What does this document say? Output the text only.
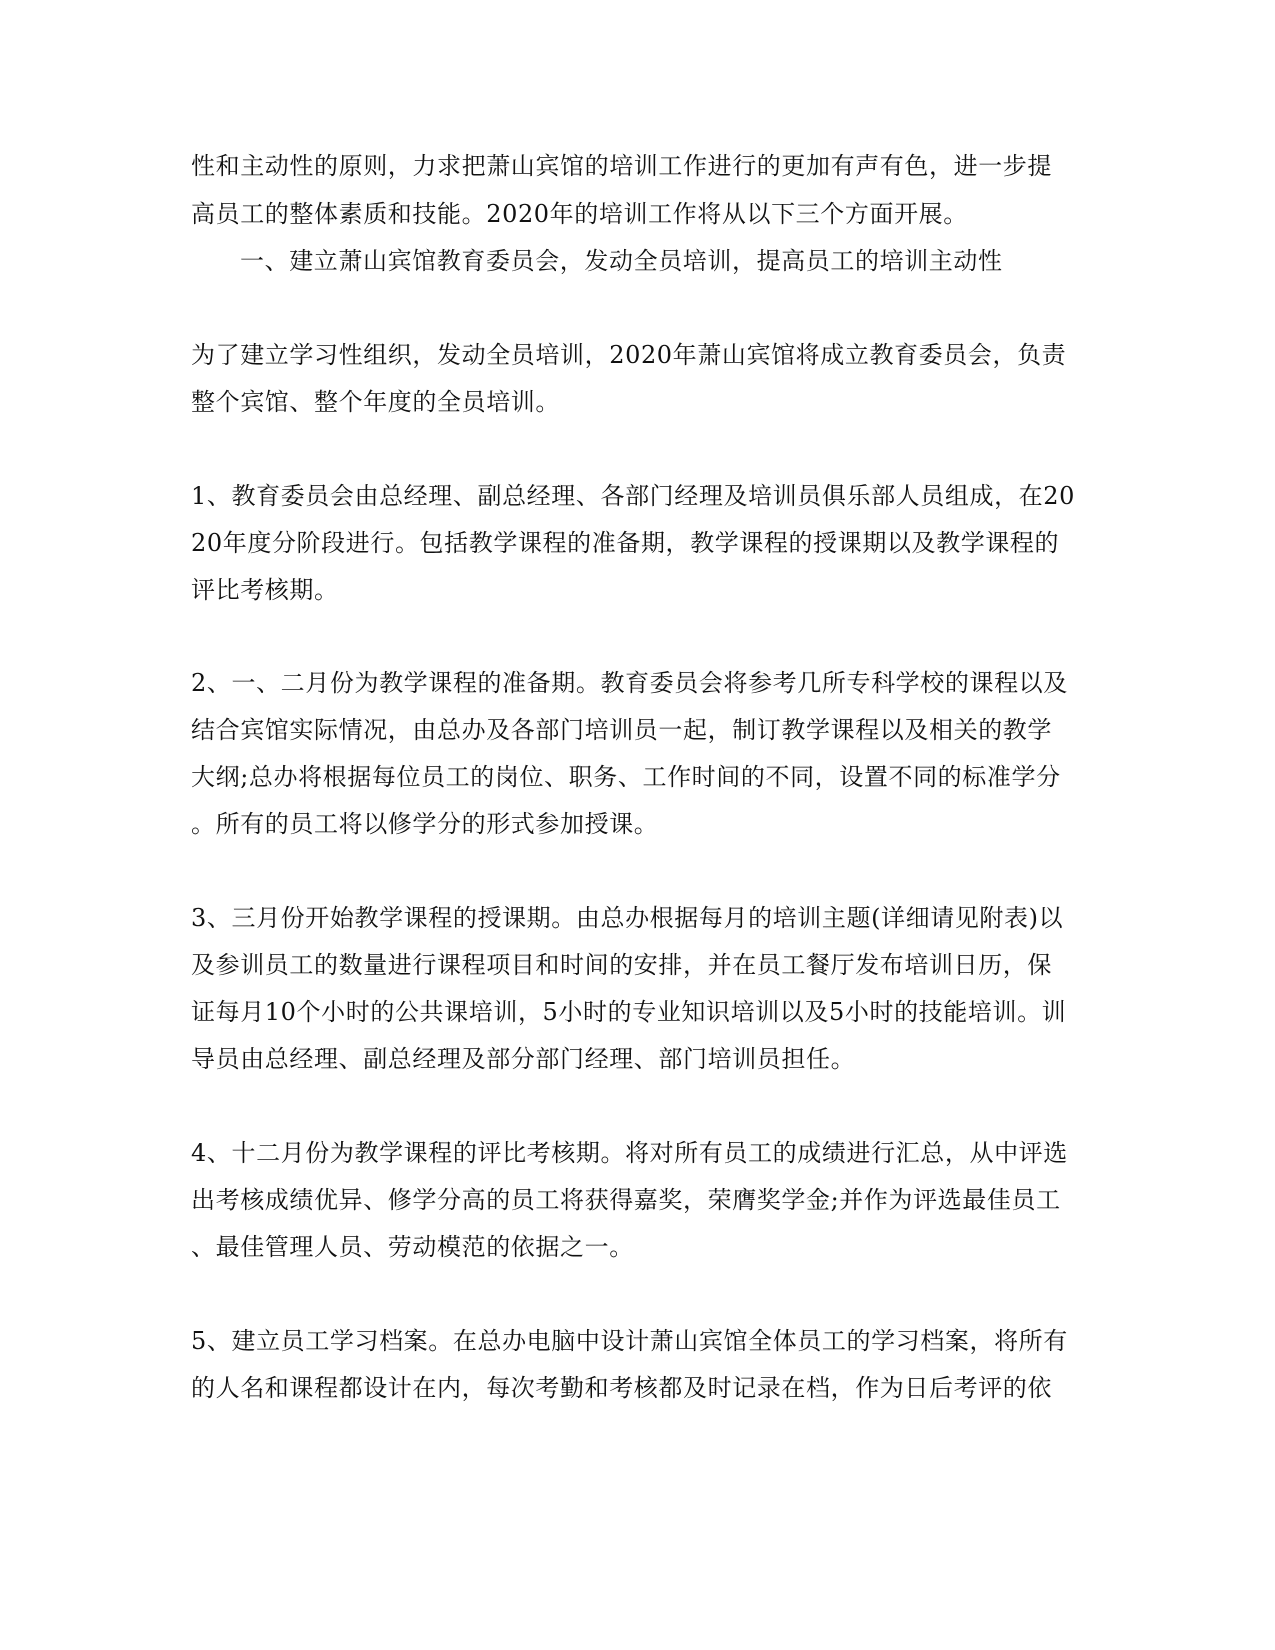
性和主动性的原则，力求把萧山宾馆的培训工作进行的更加有声有色，进一步提
高员工的整体素质和技能。2020年的培训工作将从以下三个方面开展。
一、建立萧山宾馆教育委员会，发动全员培训，提高员工的培训主动性
为了建立学习性组织，发动全员培训，2020年萧山宾馆将成立教育委员会，负责
整个宾馆、整个年度的全员培训。
1、教育委员会由总经理、副总经理、各部门经理及培训员俱乐部人员组成，在20
20年度分阶段进行。包括教学课程的准备期，教学课程的授课期以及教学课程的
评比考核期。
2、一、二月份为教学课程的准备期。教育委员会将参考几所专科学校的课程以及
结合宾馆实际情况，由总办及各部门培训员一起，制订教学课程以及相关的教学
大纲;总办将根据每位员工的岗位、职务、工作时间的不同，设置不同的标准学分
。所有的员工将以修学分的形式参加授课。
3、三月份开始教学课程的授课期。由总办根据每月的培训主题(详细请见附表)以
及参训员工的数量进行课程项目和时间的安排，并在员工餐厅发布培训日历，保
证每月10个小时的公共课培训，5小时的专业知识培训以及5小时的技能培训。训
导员由总经理、副总经理及部分部门经理、部门培训员担任。
4、十二月份为教学课程的评比考核期。将对所有员工的成绩进行汇总，从中评选
出考核成绩优异、修学分高的员工将获得嘉奖，荣膺奖学金;并作为评选最佳员工
、最佳管理人员、劳动模范的依据之一。
5、建立员工学习档案。在总办电脑中设计萧山宾馆全体员工的学习档案，将所有
的人名和课程都设计在内，每次考勤和考核都及时记录在档，作为日后考评的依
